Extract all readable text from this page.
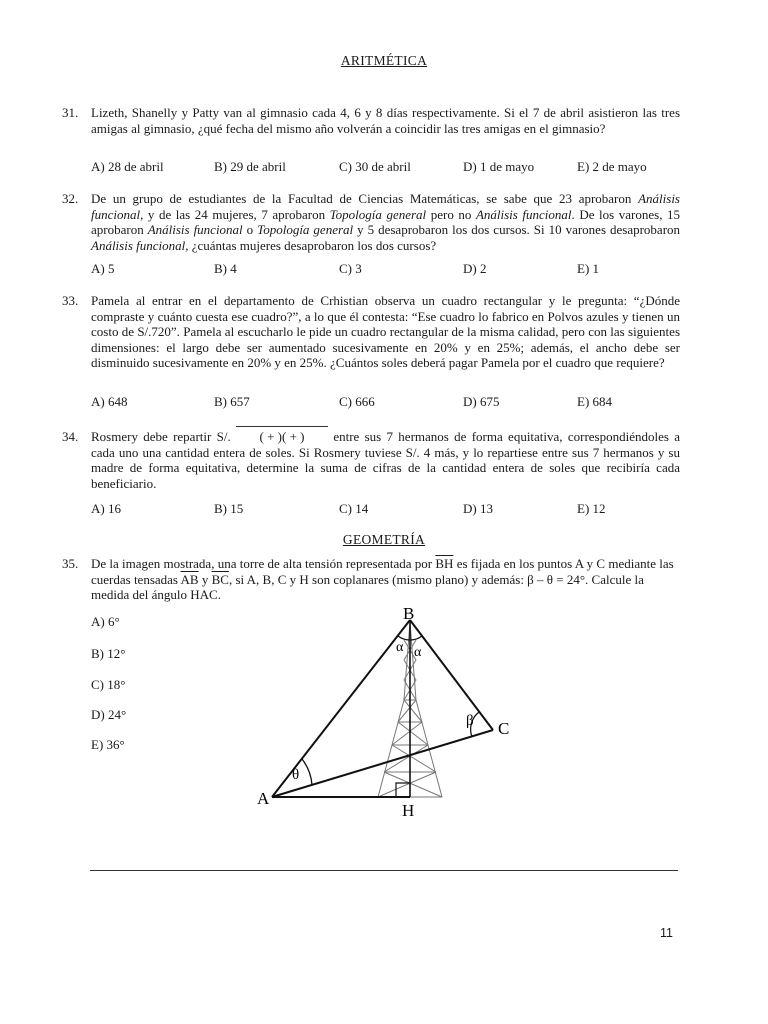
ARITMÉTICA
31. Lizeth, Shanelly y Patty van al gimnasio cada 4, 6 y 8 días respectivamente. Si el 7 de abril asistieron las tres amigas al gimnasio, ¿qué fecha del mismo año volverán a coincidir las tres amigas en el gimnasio?
A) 28 de abril	B) 29 de abril	C) 30 de abril	D) 1 de mayo	E) 2 de mayo
32. De un grupo de estudiantes de la Facultad de Ciencias Matemáticas, se sabe que 23 aprobaron Análisis funcional, y de las 24 mujeres, 7 aprobaron Topología general pero no Análisis funcional. De los varones, 15 aprobaron Análisis funcional o Topología general y 5 desaprobaron los dos cursos. Si 10 varones desaprobaron Análisis funcional, ¿cuántas mujeres desaprobaron los dos cursos?
A) 5	B) 4	C) 3	D) 2	E) 1
33. Pamela al entrar en el departamento de Crhistian observa un cuadro rectangular y le pregunta: “¿Dónde compraste y cuánto cuesta ese cuadro?”, a lo que él contesta: “Ese cuadro lo fabrico en Polvos azules y tienen un costo de S/.720”. Pamela al escucharlo le pide un cuadro rectangular de la misma calidad, pero con las siguientes dimensiones: el largo debe ser aumentado sucesivamente en 20% y en 25%; además, el ancho debe ser disminuido sucesivamente en 20% y en 25%. ¿Cuántos soles deberá pagar Pamela por el cuadro que requiere?
A) 648	B) 657	C) 666	D) 675	E) 684
34. Rosmery debe repartir S/.
( + )( + ) entre sus 7 hermanos de forma equitativa, correspondiéndoles a cada uno una cantidad entera de soles. Si Rosmery tuviese S/. 4 más, y lo repartiese entre sus 7 hermanos y su madre de forma equitativa, determine la suma de cifras de la cantidad entera de soles que recibiría cada beneficiario.
A) 16	B) 15	C) 14	D) 13	E) 12
GEOMETRÍA
35. De la imagen mostrada, una torre de alta tensión representada por $\overline{BH}$ es fijada en los puntos A y C mediante las cuerdas tensadas $\overline{AB}$ y $\overline{BC}$, si A, B, C y H son coplanares (mismo plano) y además: β – θ = 24°. Calcule la medida del ángulo HAC.
A) 6°
B) 12°
C) 18°
D) 24°
E) 36°
B
C
A
H
α α
β
θ
11
